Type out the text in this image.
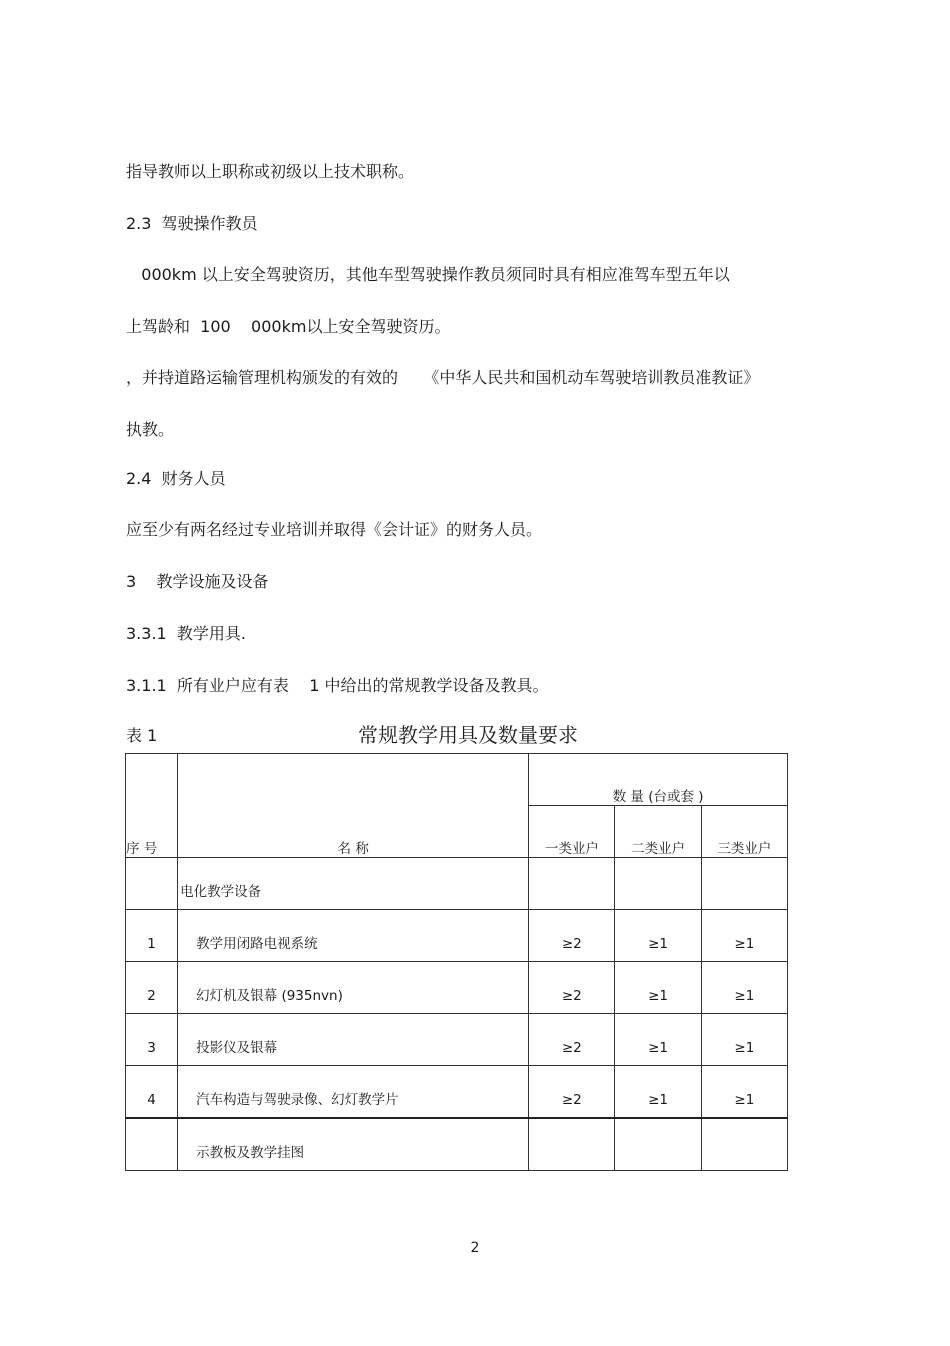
指导教师以上职称或初级以上技术职称。
2.3  驾驶操作教员
000km 以上安全驾驶资历，其他车型驾驶操作教员须同时具有相应准驾车型五年以
上驾龄和  100    000km以上安全驾驶资历。
，并持道路运输管理机构颁发的有效的     《中华人民共和国机动车驾驶培训教员准教证》
执教。
2.4  财务人员
应至少有两名经过专业培训并取得《会计证》的财务人员。
3    教学设施及设备
3.3.1  教学用具.
3.1.1  所有业户应有表    1 中给出的常规教学设备及教具。
表 1	常规教学用具及数量要求
序 号	名 称	数 量 (台或套 )		
		一类业户	二类业户	三类业户

	电化教学设备			

1	教学用闭路电视系统	≥2	≥1	≥1

2	幻灯机及银幕 (935nvn)	≥2	≥1	≥1

3	投影仪及银幕	≥2	≥1	≥1

4	汽车构造与驾驶录像、幻灯教学片	≥2	≥1	≥1

	示教板及教学挂图			

2
